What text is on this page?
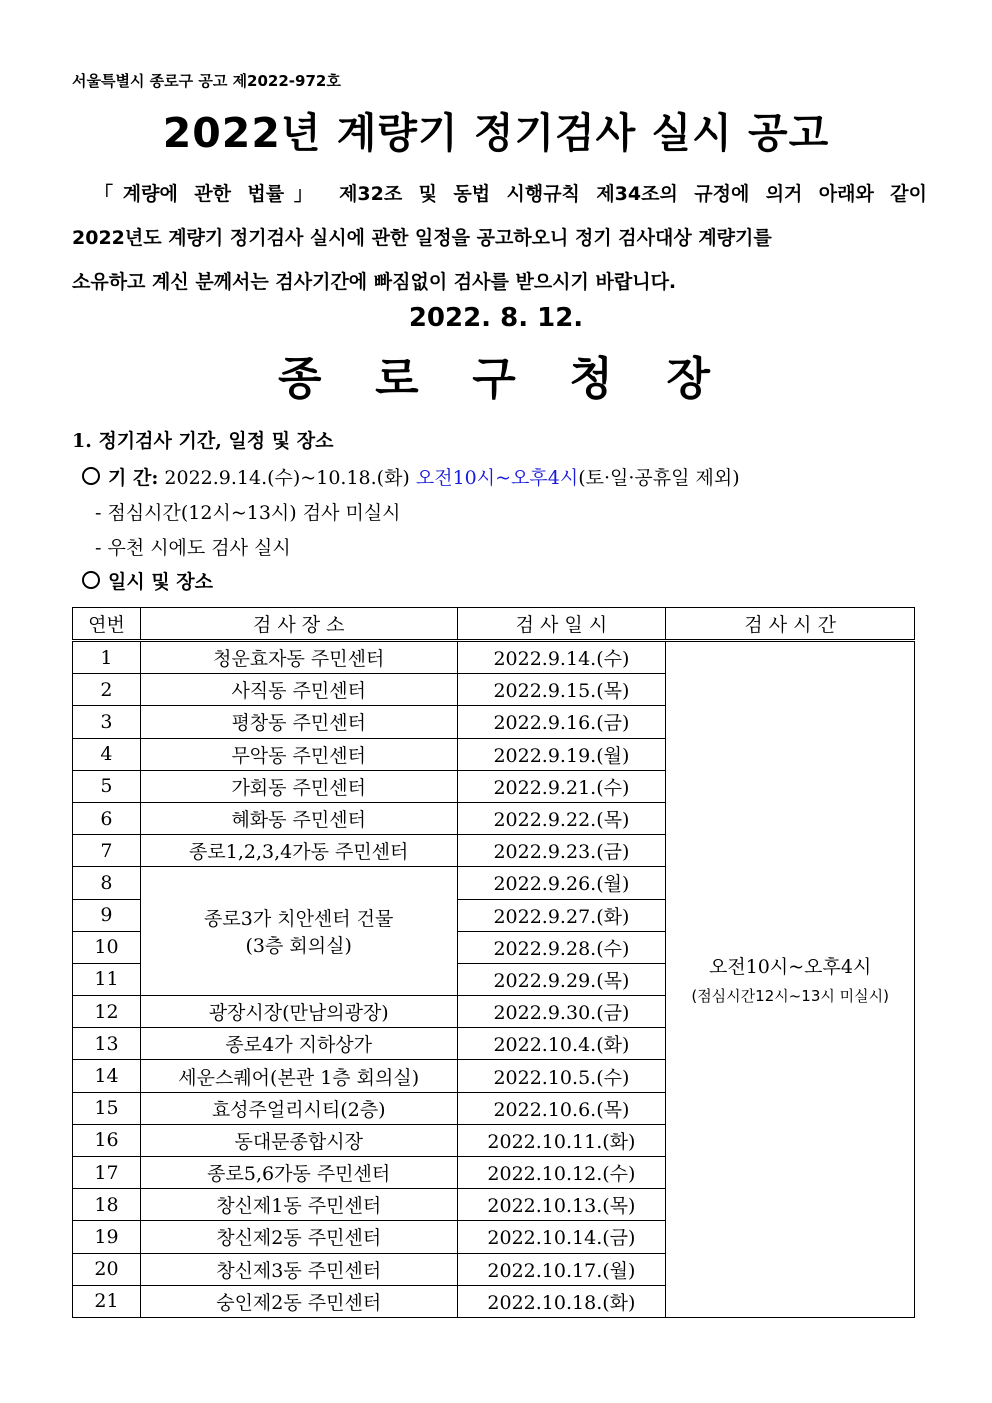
서울특별시 종로구 공고 제2022-972호
2022년 계량기 정기검사 실시 공고
「계량에 관한 법률」 제32조 및 동법 시행규칙 제34조의 규정에 의거 아래와 같이
2022년도 계량기 정기검사 실시에 관한 일정을 공고하오니 정기 검사대상 계량기를
소유하고 계신 분께서는 검사기간에 빠짐없이 검사를 받으시기 바랍니다.
2022. 8. 12.
종 로 구 청 장
1. 정기검사 기간, 일정 및 장소
기 간: 2022.9.14.(수)~10.18.(화) 오전10시~오후4시(토·일·공휴일 제외)
- 점심시간(12시~13시) 검사 미실시
- 우천 시에도 검사 실시
일시 및 장소
연번	검 사 장 소	검 사 일 시	검 사 시 간
1	청운효자동 주민센터	2022.9.14.(수)	오전10시~오후4시
(점심시간12시~13시 미실시)

2	사직동 주민센터	2022.9.15.(목)	
3	평창동 주민센터	2022.9.16.(금)	
4	무악동 주민센터	2022.9.19.(월)	
5	가회동 주민센터	2022.9.21.(수)	
6	혜화동 주민센터	2022.9.22.(목)	
7	종로1,2,3,4가동 주민센터	2022.9.23.(금)	
8	종로3가 치안센터 건물
(3층 회의실)	2022.9.26.(월)	
9		2022.9.27.(화)	
10		2022.9.28.(수)	
11		2022.9.29.(목)	
12	광장시장(만남의광장)	2022.9.30.(금)	
13	종로4가 지하상가	2022.10.4.(화)	
14	세운스퀘어(본관 1층 회의실)	2022.10.5.(수)	
15	효성주얼리시티(2층)	2022.10.6.(목)	
16	동대문종합시장	2022.10.11.(화)	
17	종로5,6가동 주민센터	2022.10.12.(수)	
18	창신제1동 주민센터	2022.10.13.(목)	
19	창신제2동 주민센터	2022.10.14.(금)	
20	창신제3동 주민센터	2022.10.17.(월)	
21	숭인제2동 주민센터	2022.10.18.(화)	
